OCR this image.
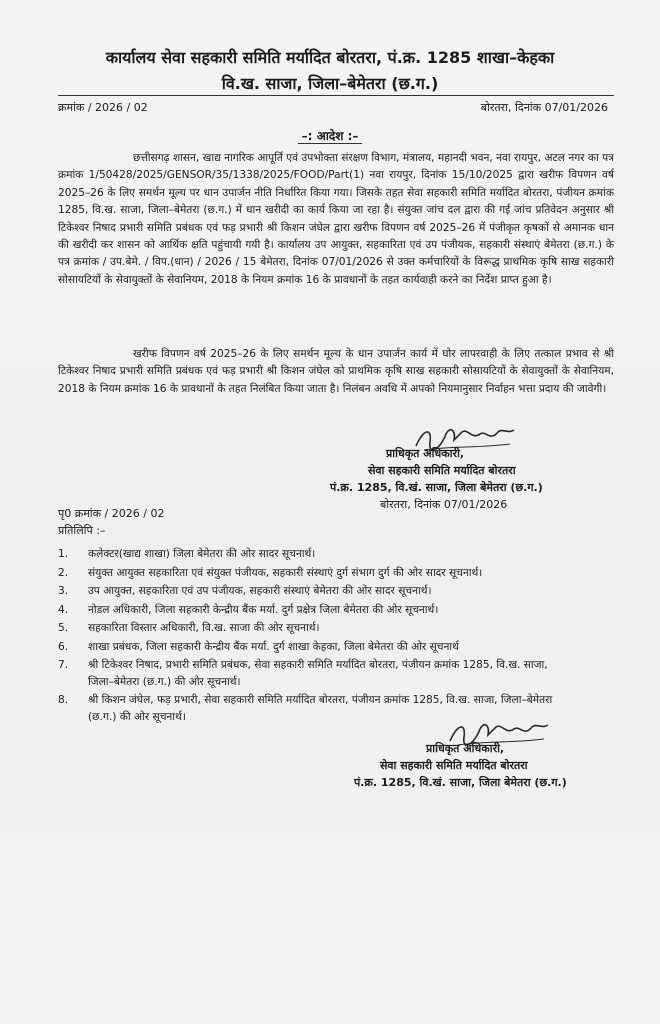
कार्यालय सेवा सहकारी समिति मर्यादित बोरतरा, पं.क्र. 1285 शाखा–केहका
वि.ख. साजा, जिला–बेमेतरा (छ.ग.)
क्रमांक / 2026 / 02	बोरतरा, दिनांक 07/01/2026
–: आदेश :–
छत्तीसगढ़ शासन, खाद्य नागरिक आपूर्ति एवं उपभोक्ता संरक्षण विभाग, मंत्रालय, महानदी भवन, नवा रायपुर, अटल नगर का पत्र क्रमांक 1/50428/2025/GENSOR/35/1338/2025/FOOD/Part(1) नवा रायपुर, दिनांक 15/10/2025 द्वारा खरीफ विपणन वर्ष 2025–26 के लिए समर्थन मूल्य पर धान उपार्जन नीति निर्धारित किया गया। जिसके तहत सेवा सहकारी समिति मर्यादित बोरतरा, पंजीयन क्रमांक 1285, वि.ख. साजा, जिला–बेमेतरा (छ.ग.) में धान खरीदी का कार्य किया जा रहा है। संयुक्त जांच दल द्वारा की गई जांच प्रतिवेदन अनुसार श्री टिकेश्वर निषाद प्रभारी समिति प्रबंधक एवं फड़ प्रभारी श्री किशन जंघेल द्वारा खरीफ विपणन वर्ष 2025–26 में पंजीकृत कृषकों से अमानक धान की खरीदी कर शासन को आर्थिक क्षति पहुंचायी गयी है। कार्यालय उप आयुक्त, सहकारिता एवं उप पंजीयक, सहकारी संस्थाएं बेमेतरा (छ.ग.) के पत्र क्रमांक / उप.बेमे. / विप.(धान) / 2026 / 15 बेमेतरा, दिनांक 07/01/2026 से उक्त कर्मचारियों के विरूद्ध प्राथमिक कृषि साख सहकारी सोसायटियों के सेवायुक्तों के सेवानियम, 2018 के नियम क्रमांक 16 के प्रावधानों के तहत कार्यवाही करने का निर्देश प्राप्त हुआ है।
खरीफ विपणन वर्ष 2025–26 के लिए समर्थन मूल्य के धान उपार्जन कार्य में घोर लापरवाही के लिए तत्काल प्रभाव से श्री टिकेश्वर निषाद प्रभारी समिति प्रबंधक एवं फड़ प्रभारी श्री किशन जंघेल को प्राथमिक कृषि साख सहकारी सोसायटियों के सेवायुक्तों के सेवानियम, 2018 के नियम क्रमांक 16 के प्रावधानों के तहत निलंबित किया जाता है। निलंबन अवधि में अपको नियमानुसार निर्वाहन भत्ता प्रदाय की जावेगी।
प्राधिकृत अधिकारी,
सेवा सहकारी समिति मर्यादित बोरतरा
पं.क्र. 1285, वि.खं. साजा, जिला बेमेतरा (छ.ग.)
बोरतरा, दिनांक 07/01/2026
पृ0 क्रमांक / 2026 / 02
प्रतिलिपि :–
1. कलेक्टर(खाद्य शाखा) जिला बेमेतरा की ओर सादर सूचनार्थ।
2. संयुक्त आयुक्त सहकारिता एवं संयुक्त पंजीयक, सहकारी संस्थाएं दुर्ग संभाग दुर्ग की ओर सादर सूचनार्थ।
3. उप आयुक्त, सहकारिता एवं उप पंजीयक, सहकारी संस्थाएं बेमेतरा की ओर सादर सूचनार्थ।
4. नोडल अधिकारी, जिला सहकारी केन्द्रीय बैंक मर्या. दुर्ग प्रक्षेत्र जिला बेमेतरा की ओर सूचनार्थ।
5. सहकारिता विस्तार अधिकारी, वि.ख. साजा की ओर सूचनार्थ।
6. शाखा प्रबंधक, जिला सहकारी केन्द्रीय बैंक मर्या. दुर्ग शाखा केहका, जिला बेमेतरा की ओर सूचनार्थ
7. श्री टिकेश्वर निषाद, प्रभारी समिति प्रबंधक, सेवा सहकारी समिति मर्यादित बोरतरा, पंजीयन क्रमांक 1285, वि.ख. साजा, जिला–बेमेतरा (छ.ग.) की ओर सूचनार्थ।
8. श्री किशन जंघेल, फड़ प्रभारी, सेवा सहकारी समिति मर्यादित बोरतरा, पंजीयन क्रमांक 1285, वि.ख. साजा, जिला–बेमेतरा (छ.ग.) की ओर सूचनार्थ।
प्राधिकृत अधिकारी,
सेवा सहकारी समिति मर्यादित बोरतरा
पं.क्र. 1285, वि.खं. साजा, जिला बेमेतरा (छ.ग.)
